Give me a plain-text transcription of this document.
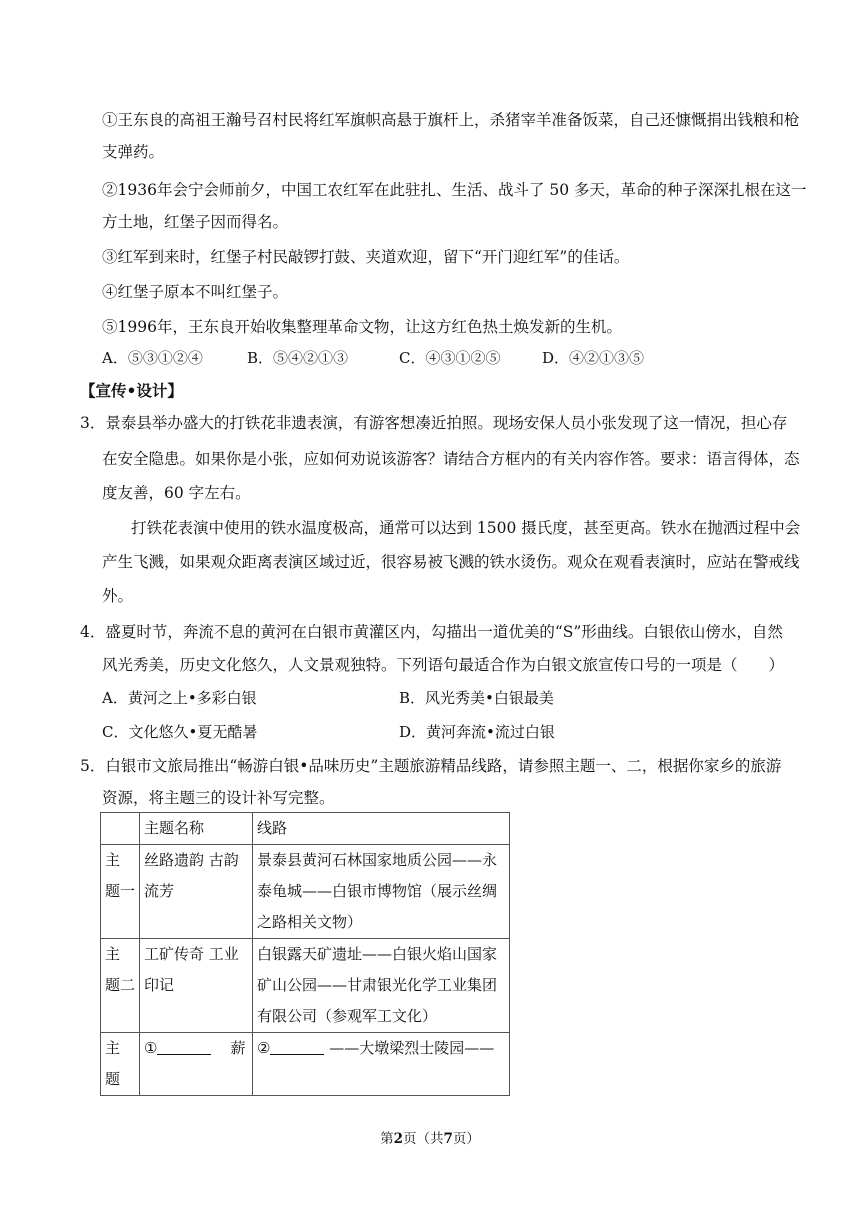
①王东良的高祖王瀚号召村民将红军旗帜高悬于旗杆上，杀猪宰羊准备饭菜，自己还慷慨捐出钱粮和枪
支弹药。
②1936年会宁会师前夕，中国工农红军在此驻扎、生活、战斗了 50 多天，革命的种子深深扎根在这一
方土地，红堡子因而得名。
③红军到来时，红堡子村民敲锣打鼓、夹道欢迎，留下“开门迎红军”的佳话。
④红堡子原本不叫红堡子。
⑤1996年，王东良开始收集整理革命文物，让这方红色热土焕发新的生机。
A．⑤③①②④	B．⑤④②①③	C．④③①②⑤	D．④②①③⑤
【宣传•设计】
3．景泰县举办盛大的打铁花非遗表演，有游客想凑近拍照。现场安保人员小张发现了这一情况，担心存
在安全隐患。如果你是小张，应如何劝说该游客？请结合方框内的有关内容作答。要求：语言得体，态
度友善，60 字左右。
打铁花表演中使用的铁水温度极高，通常可以达到 1500 摄氏度，甚至更高。铁水在抛洒过程中会
产生飞溅，如果观众距离表演区域过近，很容易被飞溅的铁水烫伤。观众在观看表演时，应站在警戒线
外。
4．盛夏时节，奔流不息的黄河在白银市黄灌区内，勾描出一道优美的“S”形曲线。白银依山傍水，自然
风光秀美，历史文化悠久，人文景观独特。下列语句最适合作为白银文旅宣传口号的一项是（　　）
A．黄河之上•多彩白银	B．风光秀美•白银最美
C．文化悠久•夏无酷暑	D．黄河奔流•流过白银
5．白银市文旅局推出“畅游白银•品味历史”主题旅游精品线路，请参照主题一、二，根据你家乡的旅游
资源，将主题三的设计补写完整。
	主题名称	线路
主 题一	丝路遗韵 古韵流芳	景泰县黄河石林国家地质公园——永泰龟城——白银市博物馆（展示丝绸之路相关文物）
主 题二	工矿传奇 工业印记	白银露天矿遗址——白银火焰山国家矿山公园——甘肃银光化学工业集团有限公司（参观军工文化）
主 题	① 薪	② ——大墩梁烈士陵园——
第2页（共7页）
